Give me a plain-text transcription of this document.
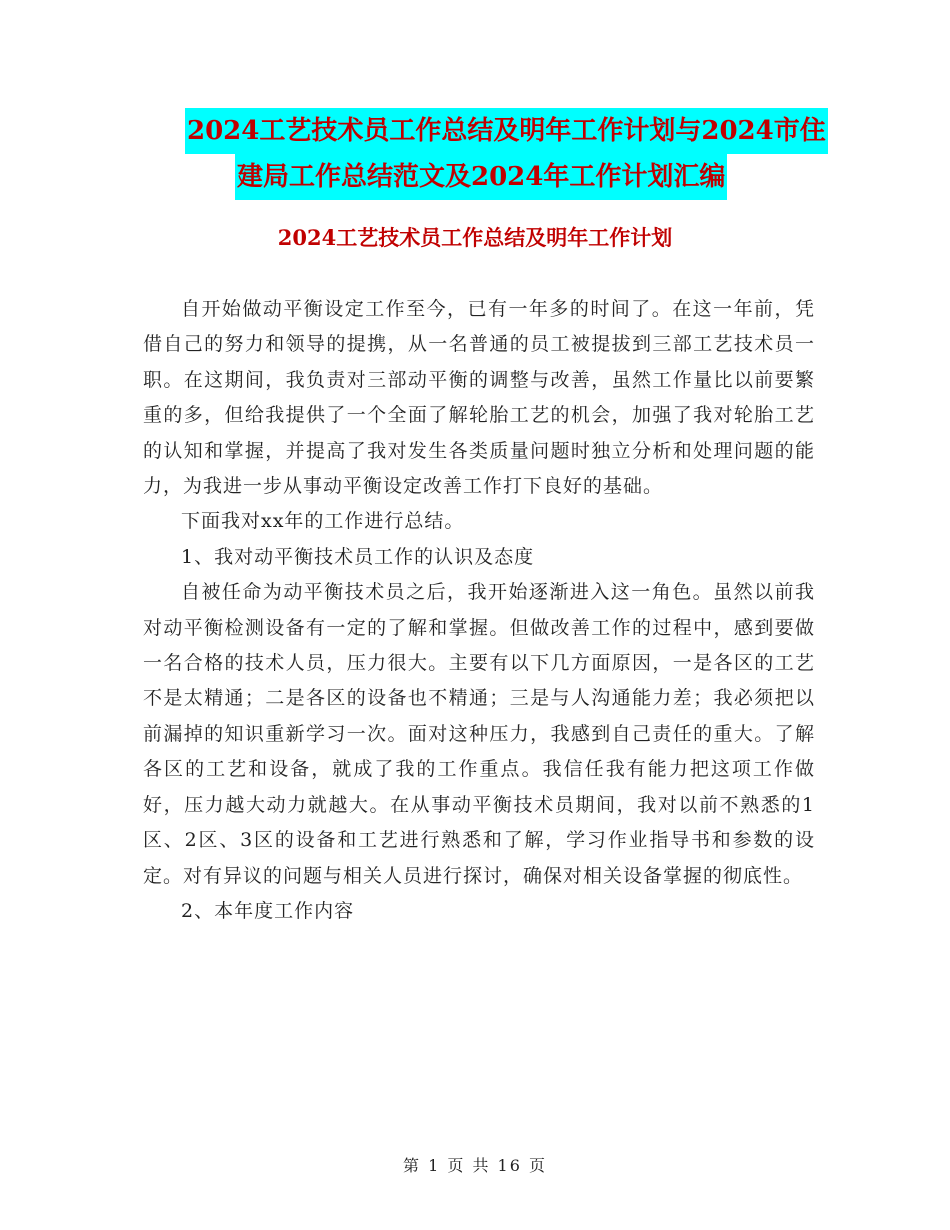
2024工艺技术员工作总结及明年工作计划与2024市住
建局工作总结范文及2024年工作计划汇编
2024工艺技术员工作总结及明年工作计划

自开始做动平衡设定工作至今，已有一年多的时间了。在这一年前，凭借自己的努力和领导的提携，从一名普通的员工被提拔到三部工艺技术员一职。在这期间，我负责对三部动平衡的调整与改善，虽然工作量比以前要繁重的多，但给我提供了一个全面了解轮胎工艺的机会，加强了我对轮胎工艺的认知和掌握，并提高了我对发生各类质量问题时独立分析和处理问题的能力，为我进一步从事动平衡设定改善工作打下良好的基础。

下面我对xx年的工作进行总结。

1、我对动平衡技术员工作的认识及态度

自被任命为动平衡技术员之后，我开始逐渐进入这一角色。虽然以前我对动平衡检测设备有一定的了解和掌握。但做改善工作的过程中，感到要做一名合格的技术人员，压力很大。主要有以下几方面原因，一是各区的工艺不是太精通；二是各区的设备也不精通；三是与人沟通能力差；我必须把以前漏掉的知识重新学习一次。面对这种压力，我感到自己责任的重大。了解各区的工艺和设备，就成了我的工作重点。我信任我有能力把这项工作做好，压力越大动力就越大。在从事动平衡技术员期间，我对以前不熟悉的1区、2区、3区的设备和工艺进行熟悉和了解，学习作业指导书和参数的设定。对有异议的问题与相关人员进行探讨，确保对相关设备掌握的彻底性。

2、本年度工作内容

第 1 页 共 16 页
